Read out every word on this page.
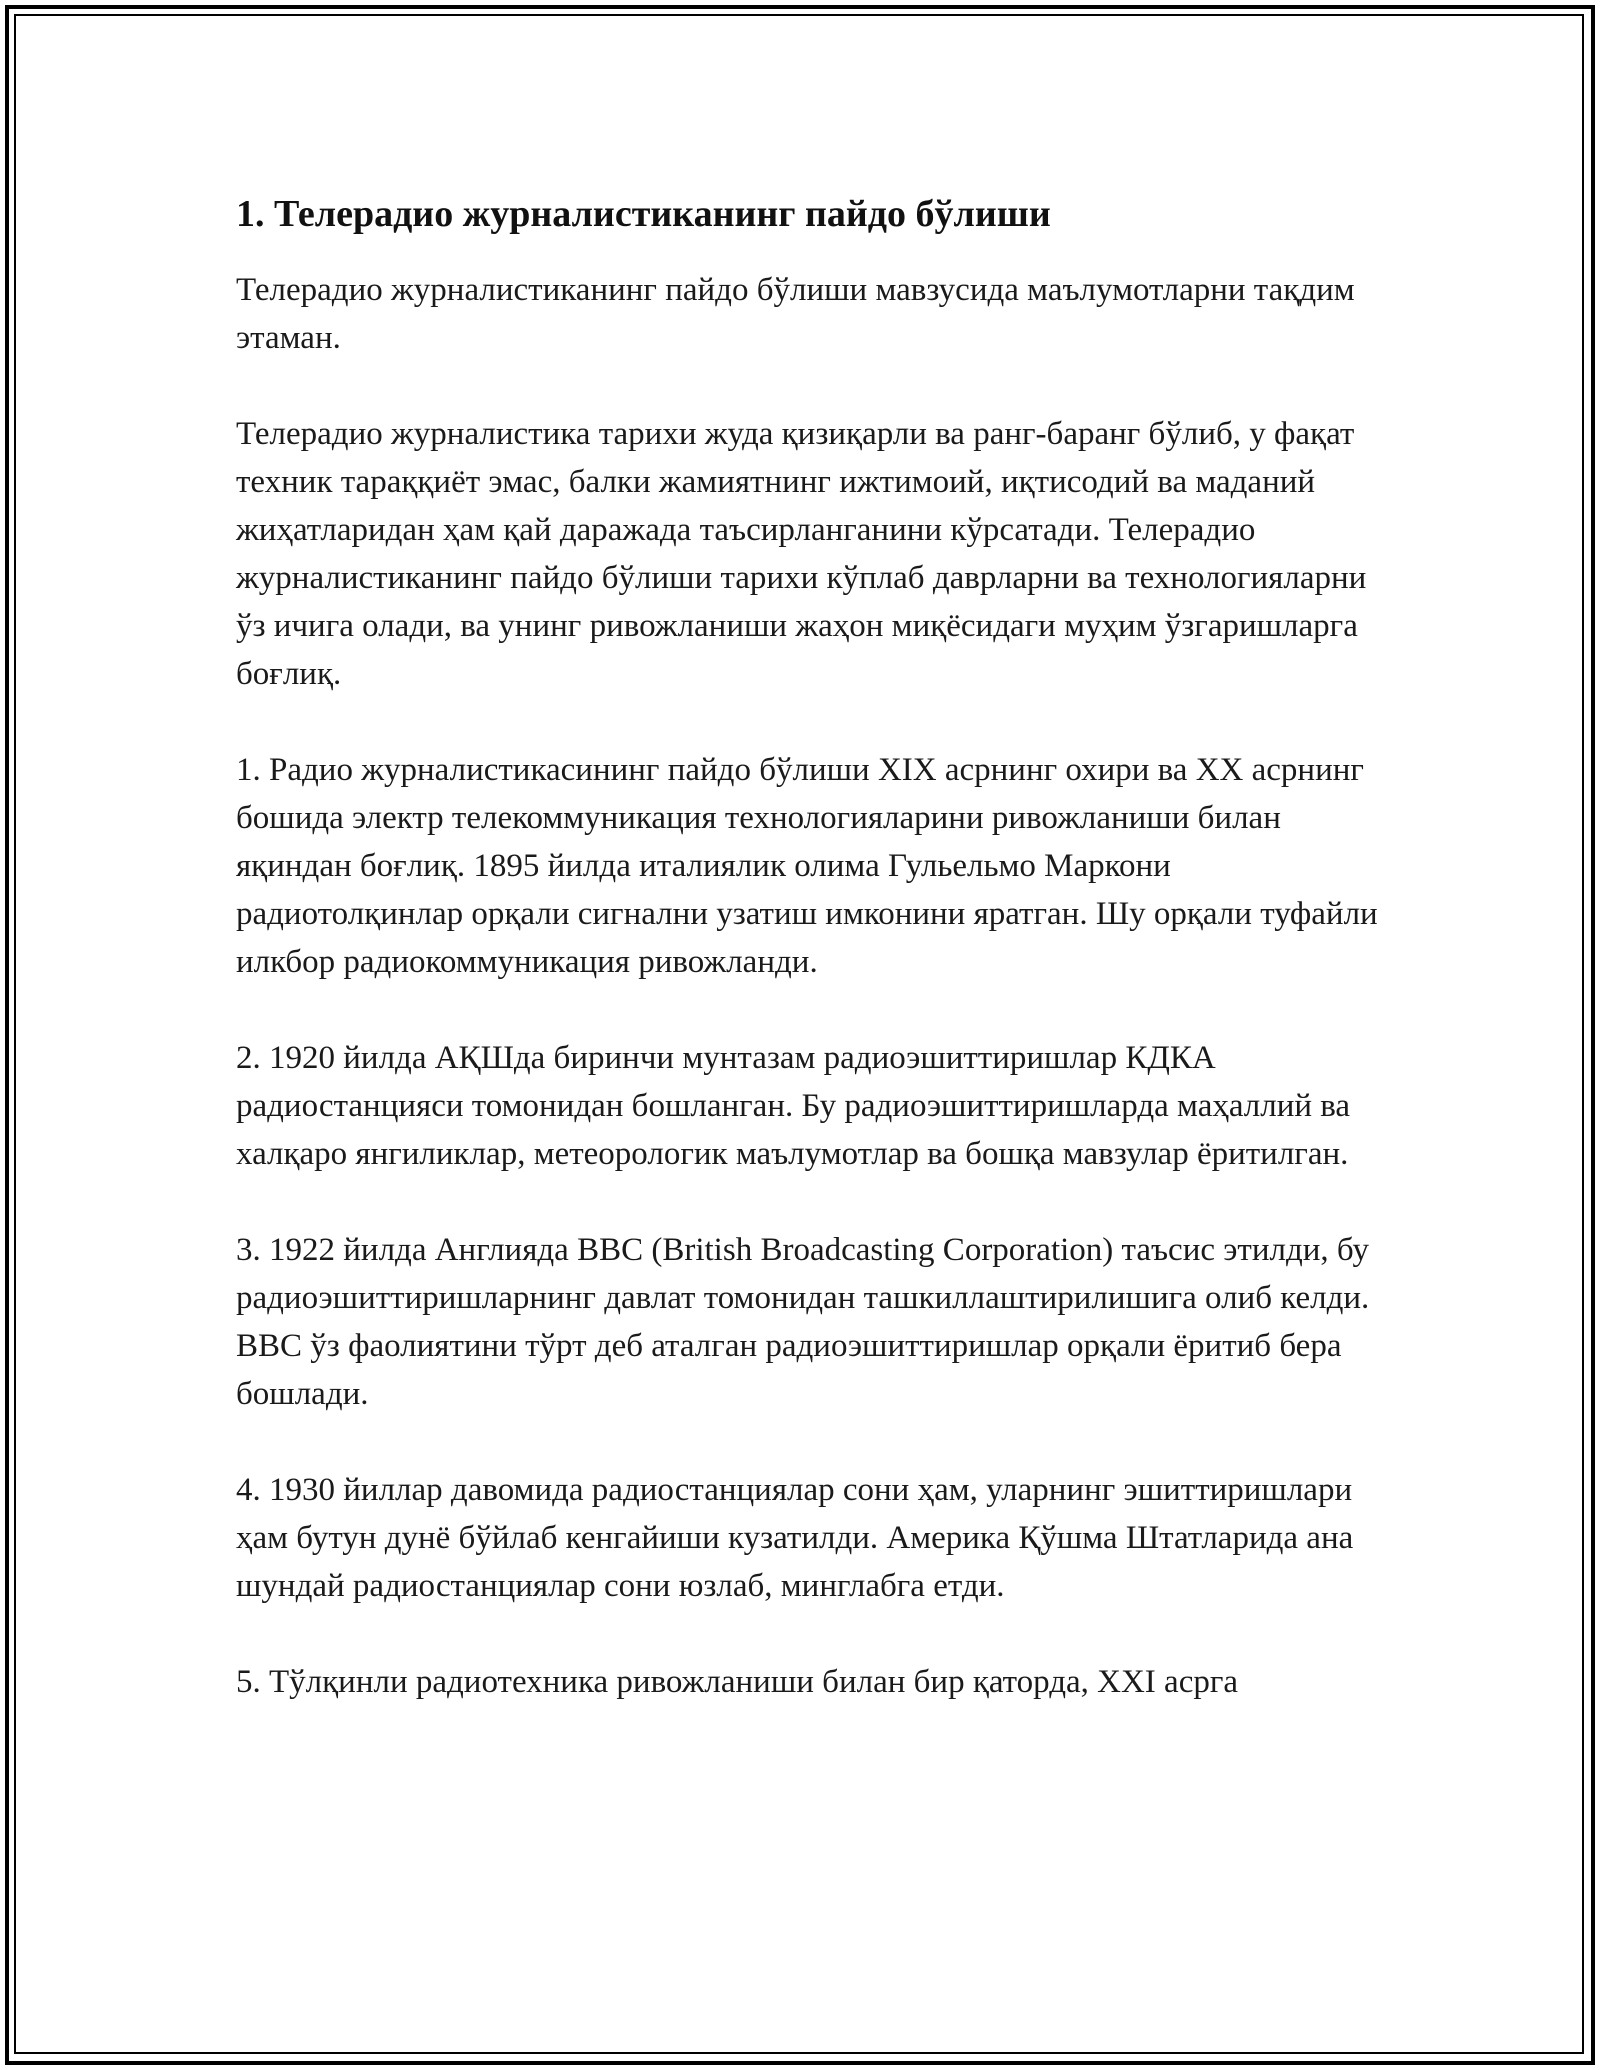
1. Телерадио журналистиканинг пайдо бўлиши

Телерадио журналистиканинг пайдо бўлиши мавзусида маълумотларни тақдим этаман.

Телерадио журналистика тарихи жуда қизиқарли ва ранг-баранг бўлиб, у фақат техник тараққиёт эмас, балки жамиятнинг ижтимоий, иқтисодий ва маданий жиҳатларидан ҳам қай даражада таъсирланганини кўрсатади. Телерадио журналистиканинг пайдо бўлиши тарихи кўплаб даврларни ва технологияларни ўз ичига олади, ва унинг ривожланиши жаҳон миқёсидаги муҳим ўзгаришларга боғлиқ.

1. Радио журналистикасининг пайдо бўлиши XIX асрнинг охири ва XX асрнинг бошида электр телекоммуникация технологияларини ривожланиши билан яқиндан боғлиқ. 1895 йилда италиялик олима Гульельмо Маркони радиотолқинлар орқали сигнални узатиш имконини яратган. Шу орқали туфайли илкбор радиокоммуникация ривожланди.

2. 1920 йилда АҚШда биринчи мунтазам радиоэшиттиришлар КДКА радиостанцияси томонидан бошланган. Бу радиоэшиттиришларда маҳаллий ва халқаро янгиликлар, метеорологик маълумотлар ва бошқа мавзулар ёритилган.

3. 1922 йилда Англияда BBC (British Broadcasting Corporation) таъсис этилди, бу радиоэшиттиришларнинг давлат томонидан ташкиллаштирилишига олиб келди. BBC ўз фаолиятини тўрт деб аталган радиоэшиттиришлар орқали ёритиб бера бошлади.

4. 1930 йиллар давомида радиостанциялар сони ҳам, уларнинг эшиттиришлари ҳам бутун дунё бўйлаб кенгайиши кузатилди. Америка Қўшма Штатларида ана шундай радиостанциялар сони юзлаб, минглабга етди.

5. Тўлқинли радиотехника ривожланиши билан бир қаторда, XXI асрга
